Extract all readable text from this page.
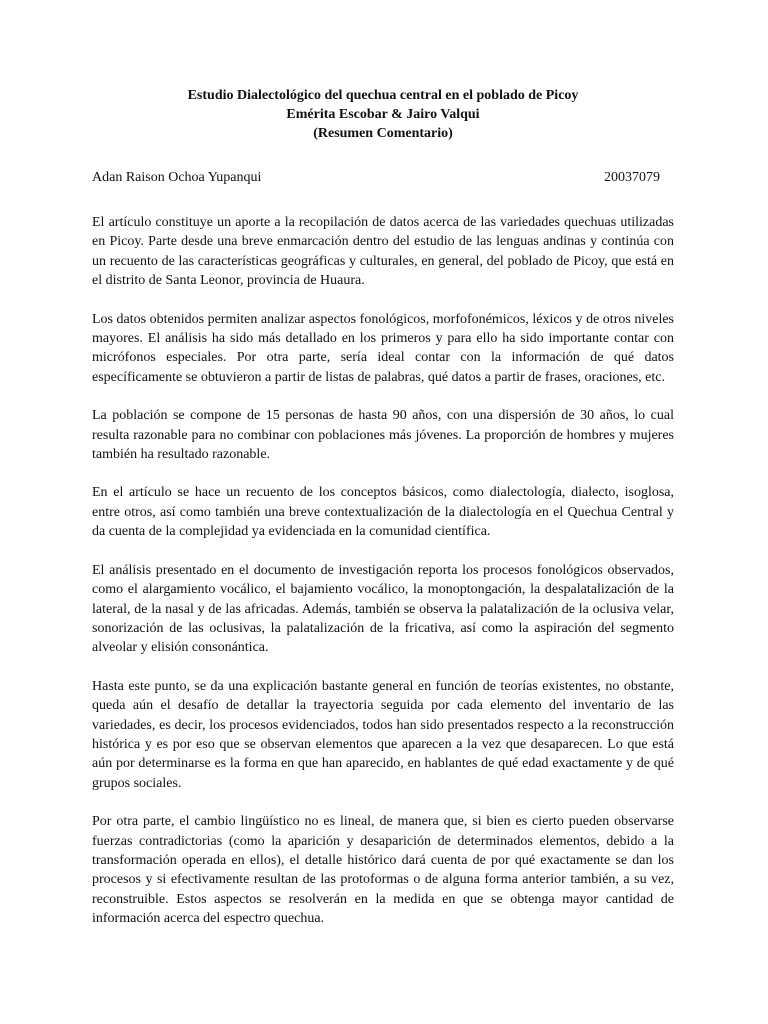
Estudio Dialectológico del quechua central en el poblado de Picoy
Emérita Escobar & Jairo Valqui
(Resumen Comentario)
Adan Raison Ochoa Yupanqui	20037079

El artículo constituye un aporte a la recopilación de datos acerca de las variedades quechuas utilizadas en Picoy. Parte desde una breve enmarcación dentro del estudio de las lenguas andinas y continúa con un recuento de las características geográficas y culturales, en general, del poblado de Picoy, que está en el distrito de Santa Leonor, provincia de Huaura.

Los datos obtenidos permiten analizar aspectos fonológicos, morfofonémicos, léxicos y de otros niveles mayores. El análisis ha sido más detallado en los primeros y para ello ha sido importante contar con micrófonos especiales. Por otra parte, sería ideal contar con la información de qué datos específicamente se obtuvieron a partir de listas de palabras, qué datos a partir de frases, oraciones, etc.

La población se compone de 15 personas de hasta 90 años, con una dispersión de 30 años, lo cual resulta razonable para no combinar con poblaciones más jóvenes. La proporción de hombres y mujeres también ha resultado razonable.

En el artículo se hace un recuento de los conceptos básicos, como dialectología, dialecto, isoglosa, entre otros, así como también una breve contextualización de la dialectología en el Quechua Central y da cuenta de la complejidad ya evidenciada en la comunidad científica.

El análisis presentado en el documento de investigación reporta los procesos fonológicos observados, como el alargamiento vocálico, el bajamiento vocálico, la monoptongación, la despalatalización de la lateral, de la nasal y de las africadas. Además, también se observa la palatalización de la oclusiva velar, sonorización de las oclusivas, la palatalización de la fricativa, así como la aspiración del segmento alveolar y elisión consonántica.

Hasta este punto, se da una explicación bastante general en función de teorías existentes, no obstante, queda aún el desafío de detallar la trayectoria seguida por cada elemento del inventario de las variedades, es decir, los procesos evidenciados, todos han sido presentados respecto a la reconstrucción histórica y es por eso que se observan elementos que aparecen a la vez que desaparecen. Lo que está aún por determinarse es la forma en que han aparecido, en hablantes de qué edad exactamente y de qué grupos sociales.

Por otra parte, el cambio lingüístico no es lineal, de manera que, si bien es cierto pueden observarse fuerzas contradictorias (como la aparición y desaparición de determinados elementos, debido a la transformación operada en ellos), el detalle histórico dará cuenta de por qué exactamente se dan los procesos y si efectivamente resultan de las protoformas o de alguna forma anterior también, a su vez, reconstruible. Estos aspectos se resolverán en la medida en que se obtenga mayor cantidad de información acerca del espectro quechua.
